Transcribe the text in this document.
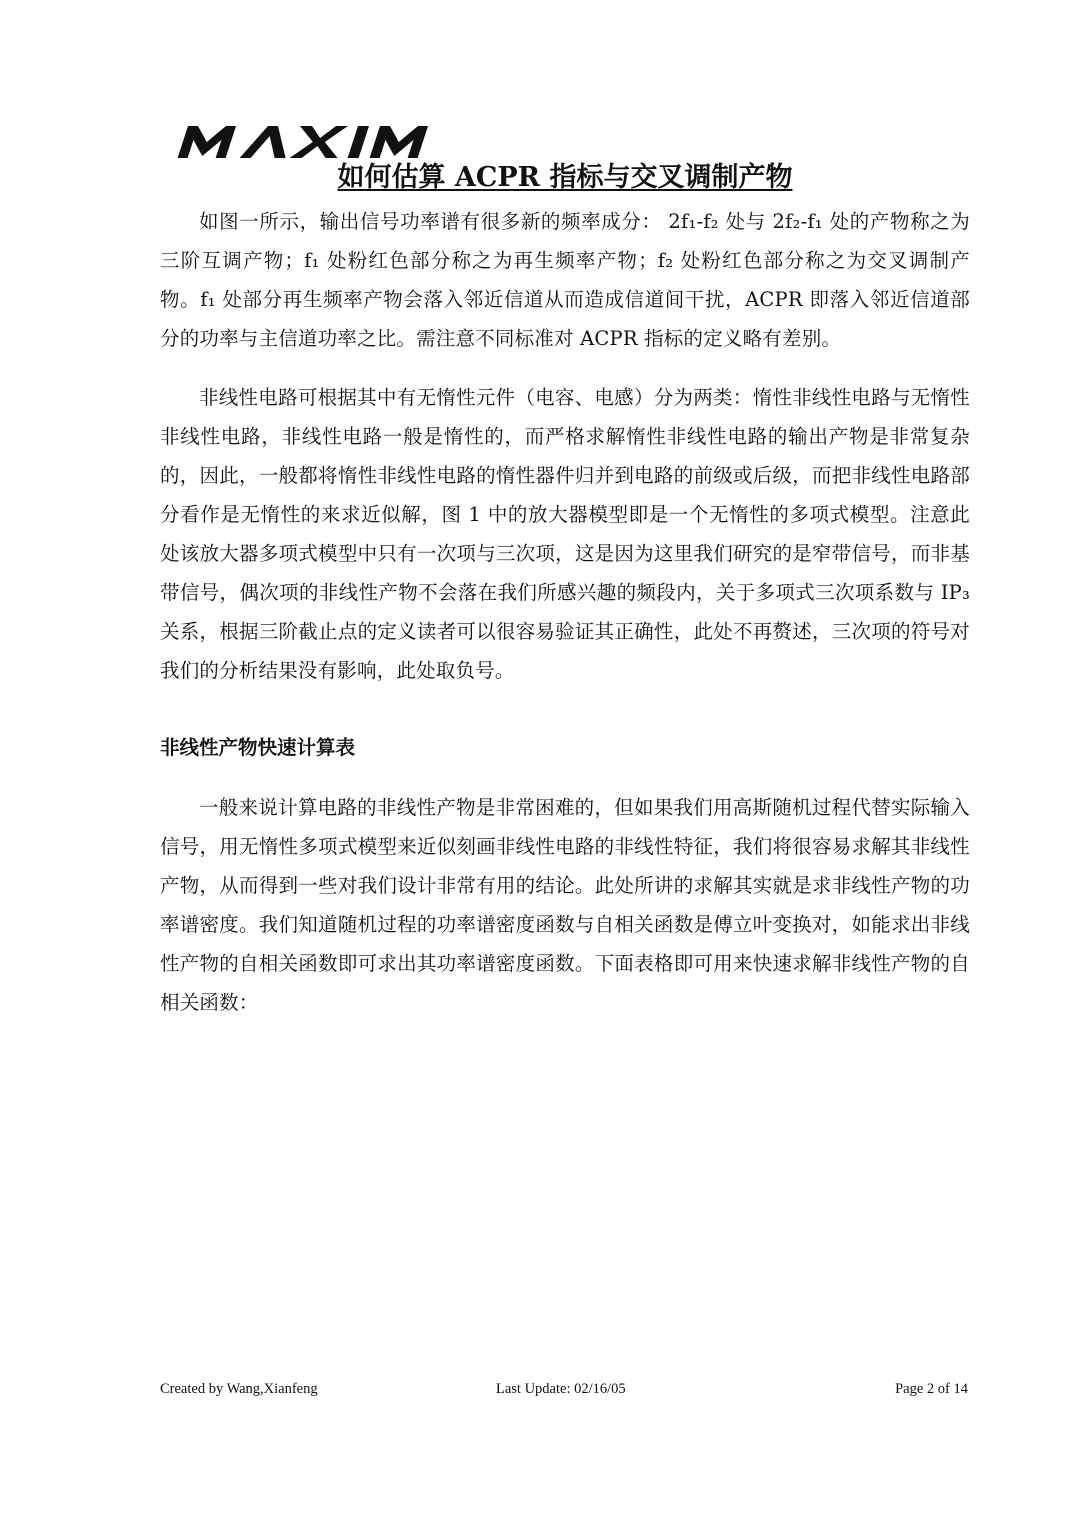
如何估算 ACPR 指标与交叉调制产物

如图一所示，输出信号功率谱有很多新的频率成分： 2f₁-f₂ 处与 2f₂-f₁ 处的产物称之为三阶互调产物；f₁ 处粉红色部分称之为再生频率产物；f₂ 处粉红色部分称之为交叉调制产物。f₁ 处部分再生频率产物会落入邻近信道从而造成信道间干扰，ACPR 即落入邻近信道部分的功率与主信道功率之比。需注意不同标准对 ACPR 指标的定义略有差别。

非线性电路可根据其中有无惰性元件（电容、电感）分为两类：惰性非线性电路与无惰性非线性电路，非线性电路一般是惰性的，而严格求解惰性非线性电路的输出产物是非常复杂的，因此，一般都将惰性非线性电路的惰性器件归并到电路的前级或后级，而把非线性电路部分看作是无惰性的来求近似解，图 1 中的放大器模型即是一个无惰性的多项式模型。注意此处该放大器多项式模型中只有一次项与三次项，这是因为这里我们研究的是窄带信号，而非基带信号，偶次项的非线性产物不会落在我们所感兴趣的频段内，关于多项式三次项系数与 IP₃ 关系，根据三阶截止点的定义读者可以很容易验证其正确性，此处不再赘述，三次项的符号对我们的分析结果没有影响，此处取负号。

非线性产物快速计算表

一般来说计算电路的非线性产物是非常困难的，但如果我们用高斯随机过程代替实际输入信号，用无惰性多项式模型来近似刻画非线性电路的非线性特征，我们将很容易求解其非线性产物，从而得到一些对我们设计非常有用的结论。此处所讲的求解其实就是求非线性产物的功率谱密度。我们知道随机过程的功率谱密度函数与自相关函数是傅立叶变换对，如能求出非线性产物的自相关函数即可求出其功率谱密度函数。下面表格即可用来快速求解非线性产物的自相关函数：

Created by Wang,Xianfeng	Last Update: 02/16/05	Page 2 of 14
